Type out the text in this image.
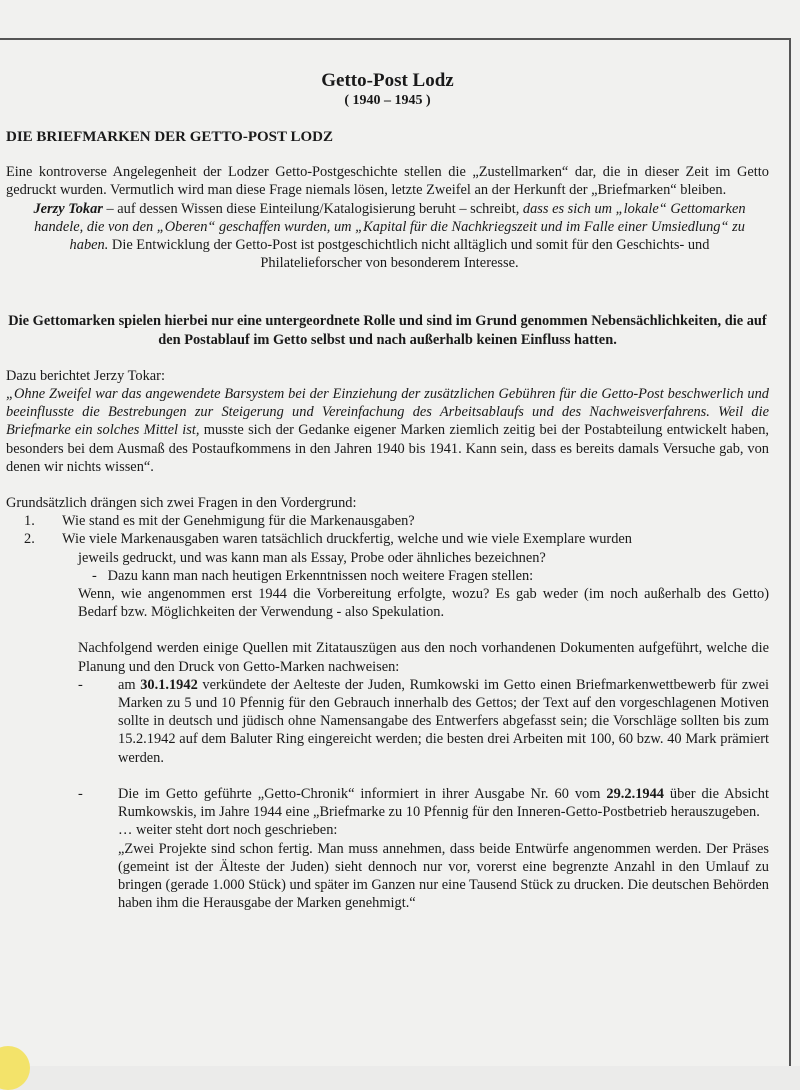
Getto-Post Lodz
( 1940 – 1945 )
DIE BRIEFMARKEN DER GETTO-POST LODZ

Eine kontroverse Angelegenheit der Lodzer Getto-Postgeschichte stellen die „Zustellmarken“ dar, die in dieser Zeit im Getto gedruckt wurden. Vermutlich wird man diese Frage niemals lösen, letzte Zweifel an der Herkunft der „Briefmarken“ bleiben.

Jerzy Tokar – auf dessen Wissen diese Einteilung/Katalogisierung beruht – schreibt, dass es sich um „lokale“ Gettomarken handele, die von den „Oberen“ geschaffen wurden, um „Kapital für die Nachkriegszeit und im Falle einer Umsiedlung“ zu haben. Die Entwicklung der Getto-Post ist postgeschichtlich nicht alltäglich und somit für den Geschichts- und Philatelieforscher von besonderem Interesse.

Die Gettomarken spielen hierbei nur eine untergeordnete Rolle und sind im Grund genommen Nebensächlichkeiten, die auf den Postablauf im Getto selbst und nach außerhalb keinen Einfluss hatten.

Dazu berichtet Jerzy Tokar:

„Ohne Zweifel war das angewendete Barsystem bei der Einziehung der zusätzlichen Gebühren für die Getto-Post beschwerlich und beeinflusste die Bestrebungen zur Steigerung und Vereinfachung des Arbeitsablaufs und des Nachweisverfahrens. Weil die Briefmarke ein solches Mittel ist, musste sich der Gedanke eigener Marken ziemlich zeitig bei der Postabteilung entwickelt haben, besonders bei dem Ausmaß des Postaufkommens in den Jahren 1940 bis 1941. Kann sein, dass es bereits damals Versuche gab, von denen wir nichts wissen“.

Grundsätzlich drängen sich zwei Fragen in den Vordergrund:

1.	Wie stand es mit der Genehmigung für die Markenausgaben?
2.	Wie viele Markenausgaben waren tatsächlich druckfertig, welche und wie viele Exemplare wurden

jeweils gedruckt, und was kann man als Essay, Probe oder ähnliches bezeichnen?

- Dazu kann man nach heutigen Erkenntnissen noch weitere Fragen stellen:

Wenn, wie angenommen erst 1944 die Vorbereitung erfolgte, wozu? Es gab weder (im noch außerhalb des Getto) Bedarf bzw. Möglichkeiten der Verwendung - also Spekulation.

Nachfolgend werden einige Quellen mit Zitatauszügen aus den noch vorhandenen Dokumenten aufgeführt, welche die Planung und den Druck von Getto-Marken nachweisen:

-	am 30.1.1942 verkündete der Aelteste der Juden, Rumkowski im Getto einen Briefmarkenwettbewerb für zwei Marken zu 5 und 10 Pfennig für den Gebrauch innerhalb des Gettos; der Text auf den vorgeschlagenen Motiven sollte in deutsch und jüdisch ohne Namensangabe des Entwerfers abgefasst sein; die Vorschläge sollten bis zum 15.2.1942 auf dem Baluter Ring eingereicht werden; die besten drei Arbeiten mit 100, 60 bzw. 40 Mark prämiert werden.
-	Die im Getto geführte „Getto-Chronik“ informiert in ihrer Ausgabe Nr. 60 vom 29.2.1944 über die Absicht Rumkowskis, im Jahre 1944 eine „Briefmarke zu 10 Pfennig für den Inneren-Getto-Postbetrieb herauszugeben.

… weiter steht dort noch geschrieben:

„Zwei Projekte sind schon fertig. Man muss annehmen, dass beide Entwürfe angenommen werden. Der Präses (gemeint ist der Älteste der Juden) sieht dennoch nur vor, vorerst eine begrenzte Anzahl in den Umlauf zu bringen (gerade 1.000 Stück) und später im Ganzen nur eine Tausend Stück zu drucken. Die deutschen Behörden haben ihm die Herausgabe der Marken genehmigt.“
